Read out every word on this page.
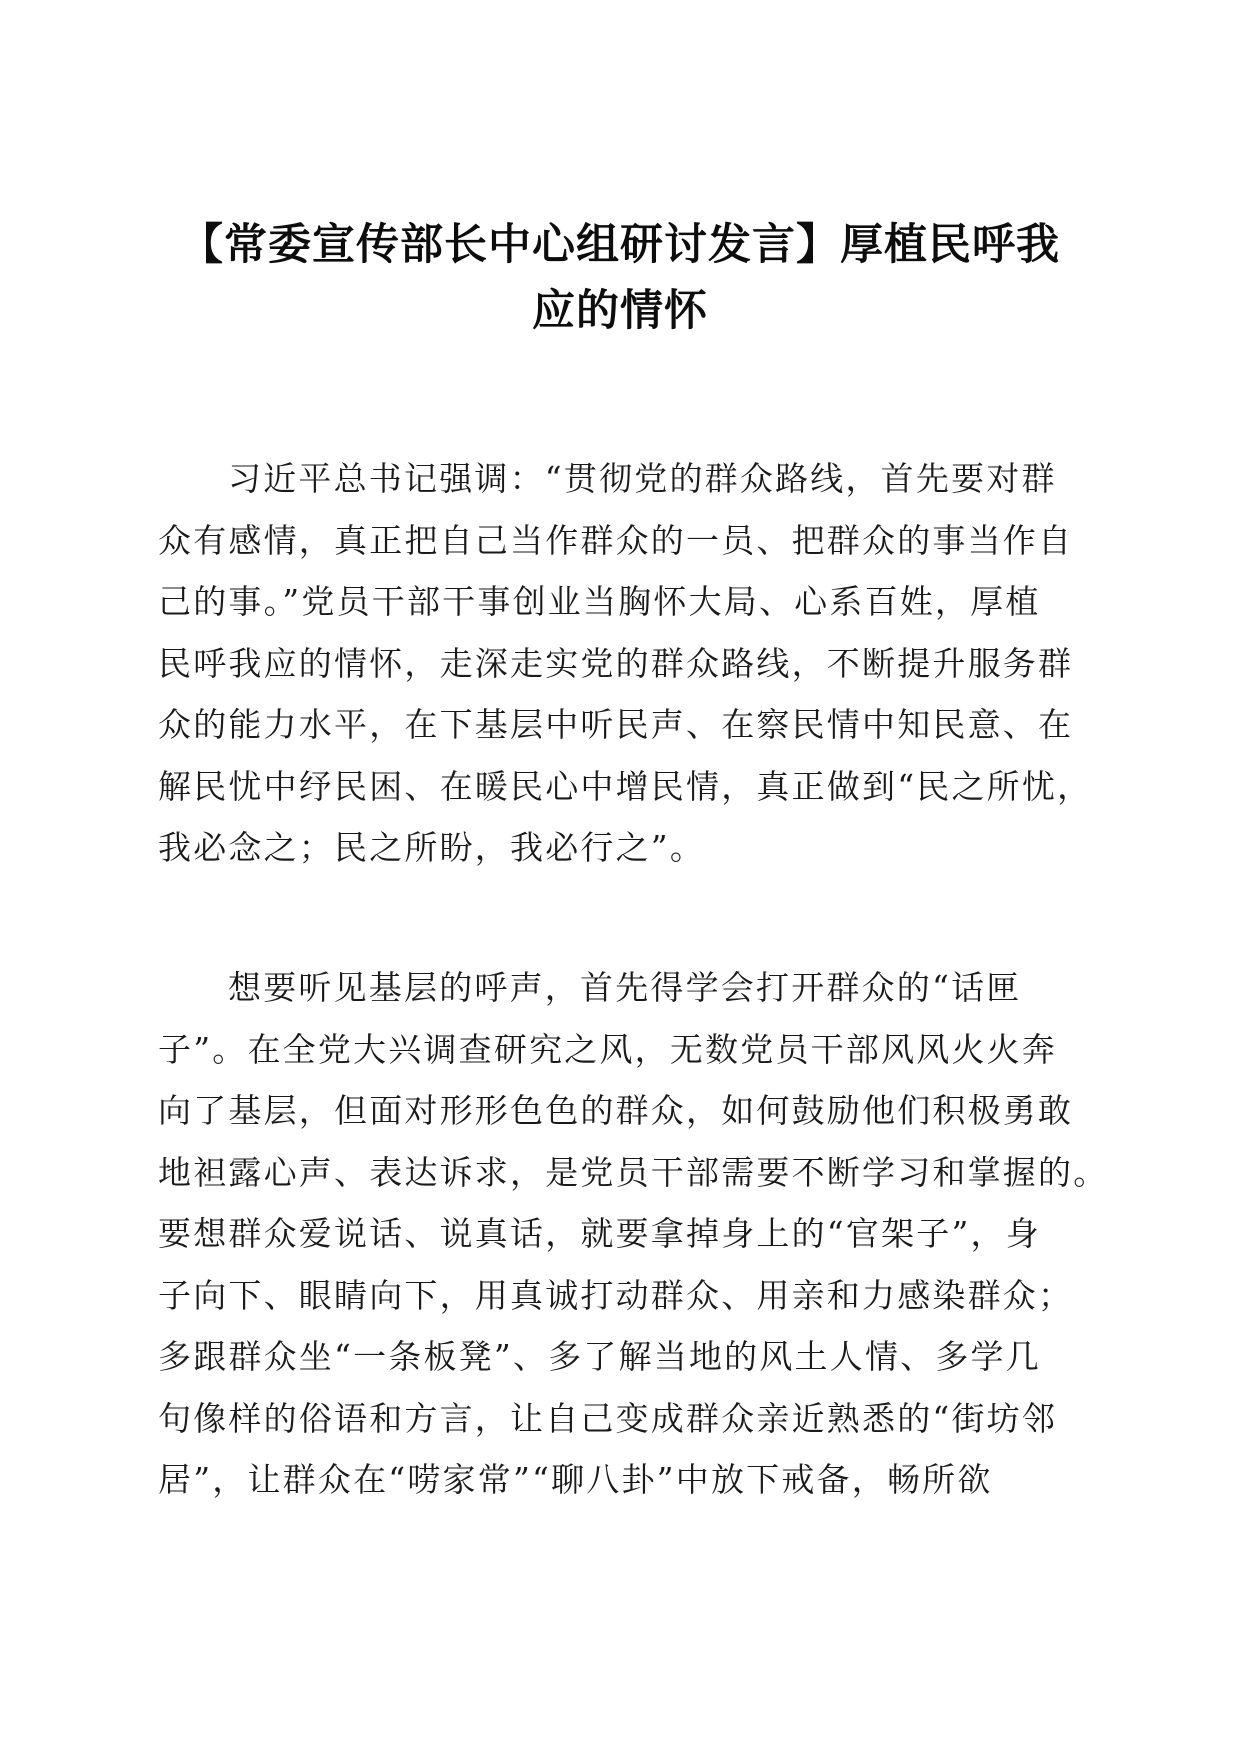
【常委宣传部长中心组研讨发言】厚植民呼我
应的情怀
习近平总书记强调：“贯彻党的群众路线，首先要对群
众有感情，真正把自己当作群众的一员、把群众的事当作自
己的事。”党员干部干事创业当胸怀大局、心系百姓，厚植
民呼我应的情怀，走深走实党的群众路线，不断提升服务群
众的能力水平，在下基层中听民声、在察民情中知民意、在
解民忧中纾民困、在暖民心中增民情，真正做到“民之所忧，
我必念之；民之所盼，我必行之”。
想要听见基层的呼声，首先得学会打开群众的“话匣
子”。在全党大兴调查研究之风，无数党员干部风风火火奔
向了基层，但面对形形色色的群众，如何鼓励他们积极勇敢
地袒露心声、表达诉求，是党员干部需要不断学习和掌握的。
要想群众爱说话、说真话，就要拿掉身上的“官架子”，身
子向下、眼睛向下，用真诚打动群众、用亲和力感染群众；
多跟群众坐“一条板凳”、多了解当地的风土人情、多学几
句像样的俗语和方言，让自己变成群众亲近熟悉的“街坊邻
居”，让群众在“唠家常”“聊八卦”中放下戒备，畅所欲
